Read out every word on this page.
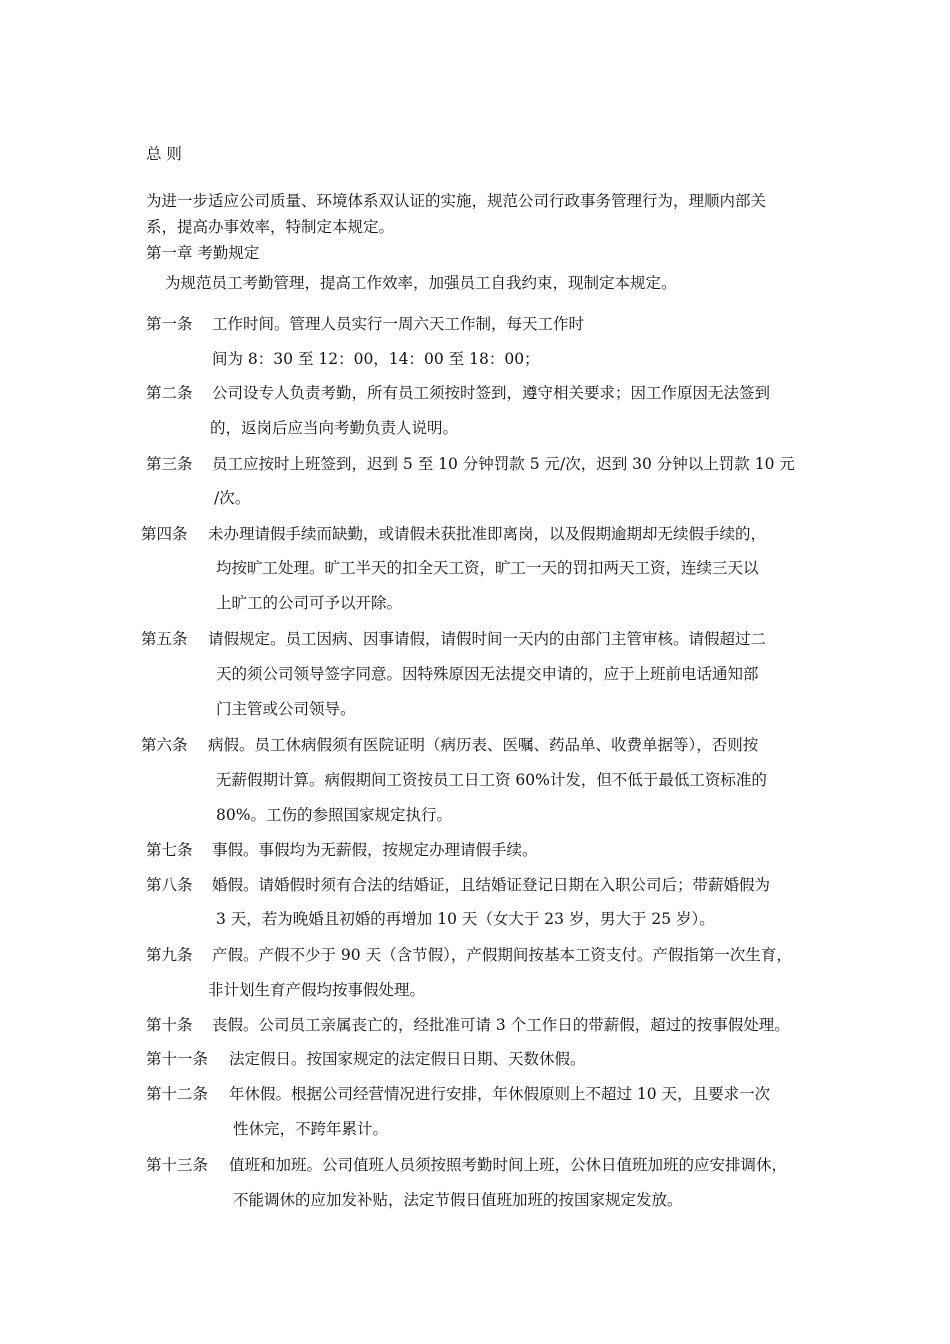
总 则
为进一步适应公司质量、环境体系双认证的实施，规范公司行政事务管理行为，理顺内部关
系，提高办事效率，特制定本规定。
第一章 考勤规定
为规范员工考勤管理，提高工作效率，加强员工自我约束，现制定本规定。
第一条 工作时间。管理人员实行一周六天工作制，每天工作时
间为 8：30 至 12：00，14：00 至 18：00；
第二条 公司设专人负责考勤，所有员工须按时签到，遵守相关要求；因工作原因无法签到
的，返岗后应当向考勤负责人说明。
第三条 员工应按时上班签到，迟到 5 至 10 分钟罚款 5 元/次，迟到 30 分钟以上罚款 10 元
/次。
第四条 未办理请假手续而缺勤，或请假未获批准即离岗，以及假期逾期却无续假手续的，
均按旷工处理。旷工半天的扣全天工资，旷工一天的罚扣两天工资，连续三天以
上旷工的公司可予以开除。
第五条 请假规定。员工因病、因事请假，请假时间一天内的由部门主管审核。请假超过二
天的须公司领导签字同意。因特殊原因无法提交申请的，应于上班前电话通知部
门主管或公司领导。
第六条 病假。员工休病假须有医院证明（病历表、医嘱、药品单、收费单据等），否则按
无薪假期计算。病假期间工资按员工日工资 60%计发，但不低于最低工资标准的
80%。工伤的参照国家规定执行。
第七条 事假。事假均为无薪假，按规定办理请假手续。
第八条 婚假。请婚假时须有合法的结婚证，且结婚证登记日期在入职公司后；带薪婚假为
3 天，若为晚婚且初婚的再增加 10 天（女大于 23 岁，男大于 25 岁）。
第九条 产假。产假不少于 90 天（含节假），产假期间按基本工资支付。产假指第一次生育，
非计划生育产假均按事假处理。
第十条 丧假。公司员工亲属丧亡的，经批准可请 3 个工作日的带薪假，超过的按事假处理。
第十一条 法定假日。按国家规定的法定假日日期、天数休假。
第十二条 年休假。根据公司经营情况进行安排，年休假原则上不超过 10 天，且要求一次
性休完，不跨年累计。
第十三条 值班和加班。公司值班人员须按照考勤时间上班，公休日值班加班的应安排调休，
不能调休的应加发补贴，法定节假日值班加班的按国家规定发放。
